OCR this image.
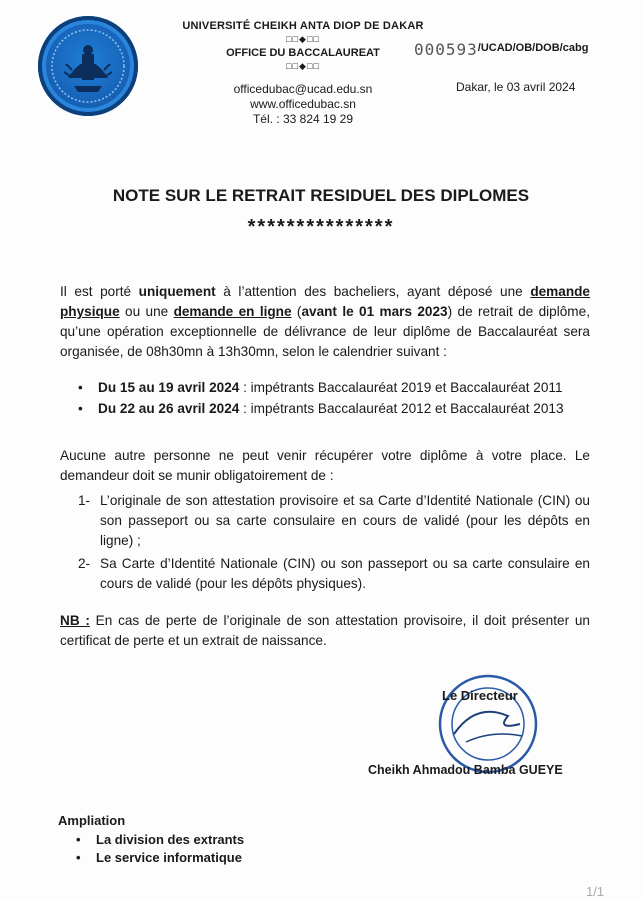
UNIVERSITÉ CHEIKH ANTA DIOP DE DAKAR
□□◆□□
OFFICE DU BACCALAUREAT
□□◆□□
officedubac@ucad.edu.sn
www.officedubac.sn
Tél. : 33 824 19 29
000593/UCAD/OB/DOB/cabg
Dakar, le 03 avril 2024
NOTE SUR LE RETRAIT RESIDUEL DES DIPLOMES
***************
Il est porté uniquement à l’attention des bacheliers, ayant déposé une demande physique ou une demande en ligne (avant le 01 mars 2023) de retrait de diplôme, qu’une opération exceptionnelle de délivrance de leur diplôme de Baccalauréat sera organisée, de 08h30mn à 13h30mn, selon le calendrier suivant :
• Du 15 au 19 avril 2024 : impétrants Baccalauréat 2019 et Baccalauréat 2011
• Du 22 au 26 avril 2024 : impétrants Baccalauréat 2012 et Baccalauréat 2013
Aucune autre personne ne peut venir récupérer votre diplôme à votre place. Le demandeur doit se munir obligatoirement de :
1- L’originale de son attestation provisoire et sa Carte d’Identité Nationale (CIN) ou son passeport ou sa carte consulaire en cours de validé (pour les dépôts en ligne) ;
2- Sa Carte d’Identité Nationale (CIN) ou son passeport ou sa carte consulaire en cours de validé (pour les dépôts physiques).
NB : En cas de perte de l’originale de son attestation provisoire, il doit présenter un certificat de perte et un extrait de naissance.
Le Directeur
Cheikh Ahmadou Bamba GUEYE
Ampliation
• La division des extrants
• Le service informatique
1/1
